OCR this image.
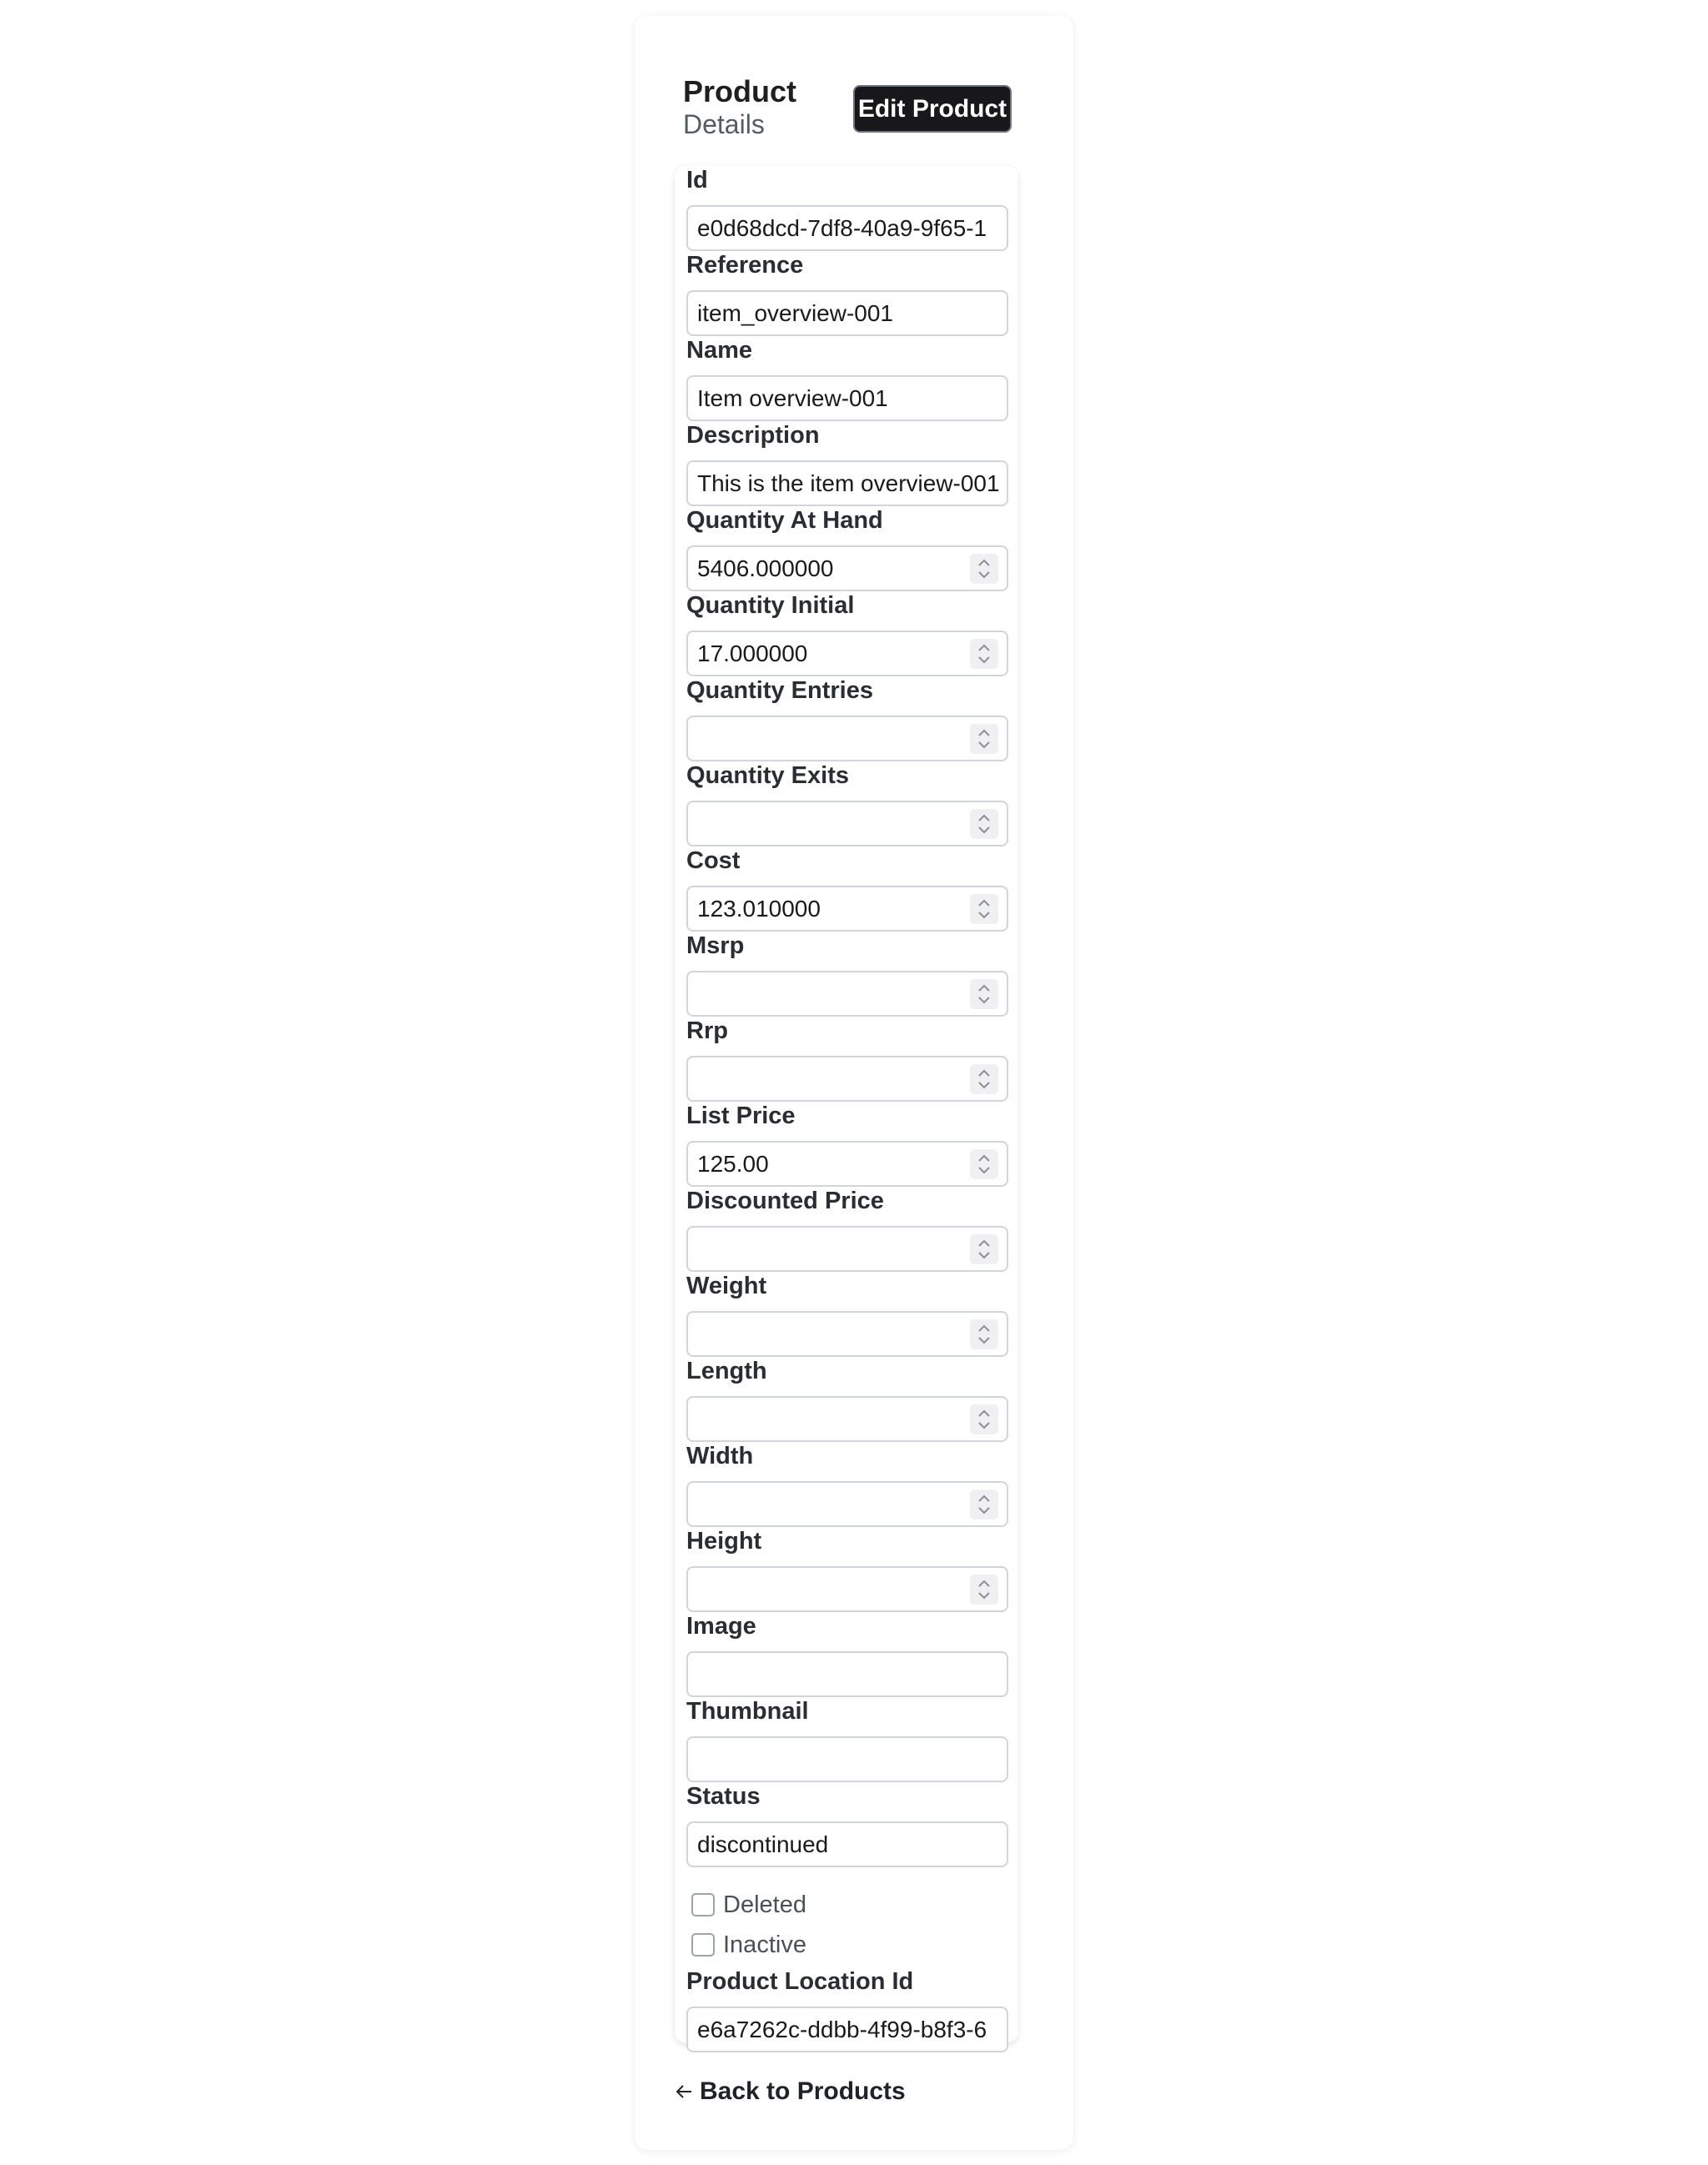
Product
Details
Edit Product
Id
e0d68dcd-7df8-40a9-9f65-1
Reference
item_overview-001
Name
Item overview-001
Description
This is the item overview-001
Quantity At Hand
5406.000000
Quantity Initial
17.000000
Quantity Entries
Quantity Exits
Cost
123.010000
Msrp
Rrp
List Price
125.00
Discounted Price
Weight
Length
Width
Height
Image
Thumbnail
Status
discontinued
Deleted
Inactive
Product Location Id
e6a7262c-ddbb-4f99-b8f3-6
Back to Products
